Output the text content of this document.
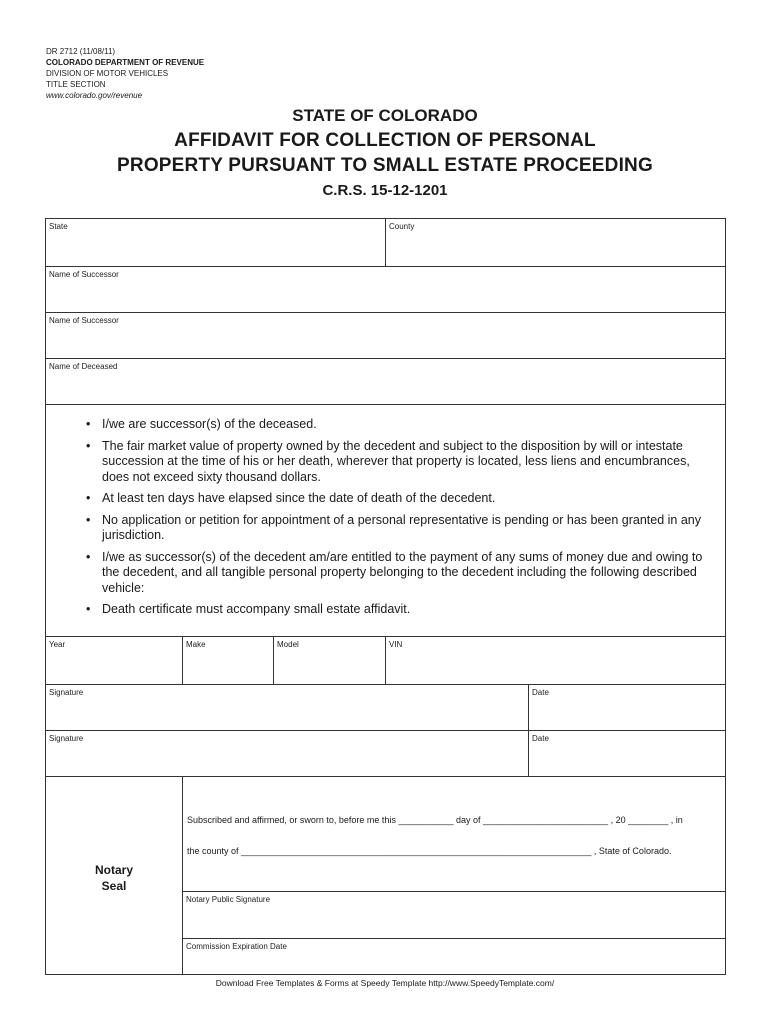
DR 2712 (11/08/11)
COLORADO DEPARTMENT OF REVENUE
DIVISION OF MOTOR VEHICLES
TITLE SECTION
www.colorado.gov/revenue
STATE OF COLORADO
AFFIDAVIT FOR COLLECTION OF PERSONAL
PROPERTY PURSUANT TO SMALL ESTATE PROCEEDING
C.R.S. 15-12-1201
State	County
Name of Successor
Name of Successor
Name of Deceased
• I/we are successor(s) of the deceased.
• The fair market value of property owned by the decedent and subject to the disposition by will or intestate succession at the time of his or her death, wherever that property is located, less liens and encumbrances, does not exceed sixty thousand dollars.
• At least ten days have elapsed since the date of death of the decedent.
• No application or petition for appointment of a personal representative is pending or has been granted in any jurisdiction.
• I/we as successor(s) of the decedent am/are entitled to the payment of any sums of money due and owing to the decedent, and all tangible personal property belonging to the decedent including the following described vehicle:
• Death certificate must accompany small estate affidavit.
Year	Make	Model	VIN
Signature	Date
Signature	Date
Notary
Seal
Subscribed and affirmed, or sworn to, before me this ___________ day of _________________________ , 20 ________ , in
the county of ______________________________________________________________________ , State of Colorado.
Notary Public Signature
Commission Expiration Date
Download Free Templates & Forms at Speedy Template http://www.SpeedyTemplate.com/
